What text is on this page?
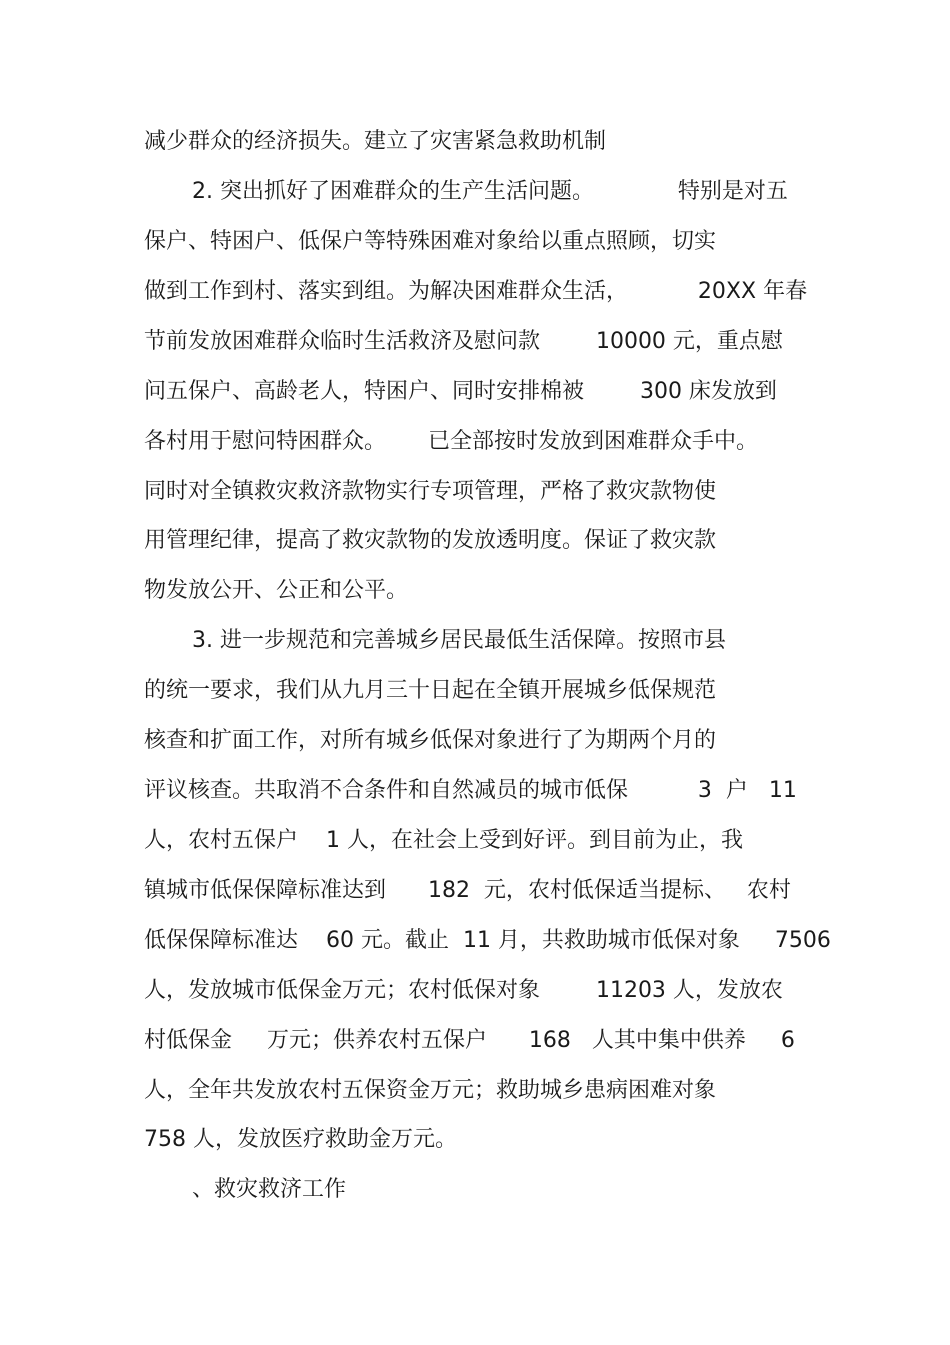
减少群众的经济损失。建立了灾害紧急救助机制

2. 突出抓好了困难群众的生产生活问题。            特别是对五

保户、特困户、低保户等特殊困难对象给以重点照顾，切实

做到工作到村、落实到组。为解决困难群众生活，          20XX 年春

节前发放困难群众临时生活救济及慰问款        10000 元，重点慰

问五保户、高龄老人，特困户、同时安排棉被        300 床发放到

各村用于慰问特困群众。      已全部按时发放到困难群众手中。

同时对全镇救灾救济款物实行专项管理，严格了救灾款物使

用管理纪律，提高了救灾款物的发放透明度。保证了救灾款

物发放公开、公正和公平。

3. 进一步规范和完善城乡居民最低生活保障。按照市县

的统一要求，我们从九月三十日起在全镇开展城乡低保规范

核查和扩面工作，对所有城乡低保对象进行了为期两个月的

评议核查。共取消不合条件和自然减员的城市低保          3  户   11

人，农村五保户    1 人，在社会上受到好评。到目前为止，我

镇城市低保保障标准达到      182  元，农村低保适当提标、   农村

低保保障标准达    60 元。截止  11 月，共救助城市低保对象     7506

人，发放城市低保金万元；农村低保对象        11203 人，发放农

村低保金     万元；供养农村五保户      168   人其中集中供养     6

人，全年共发放农村五保资金万元；救助城乡患病困难对象

758 人，发放医疗救助金万元。

、救灾救济工作
